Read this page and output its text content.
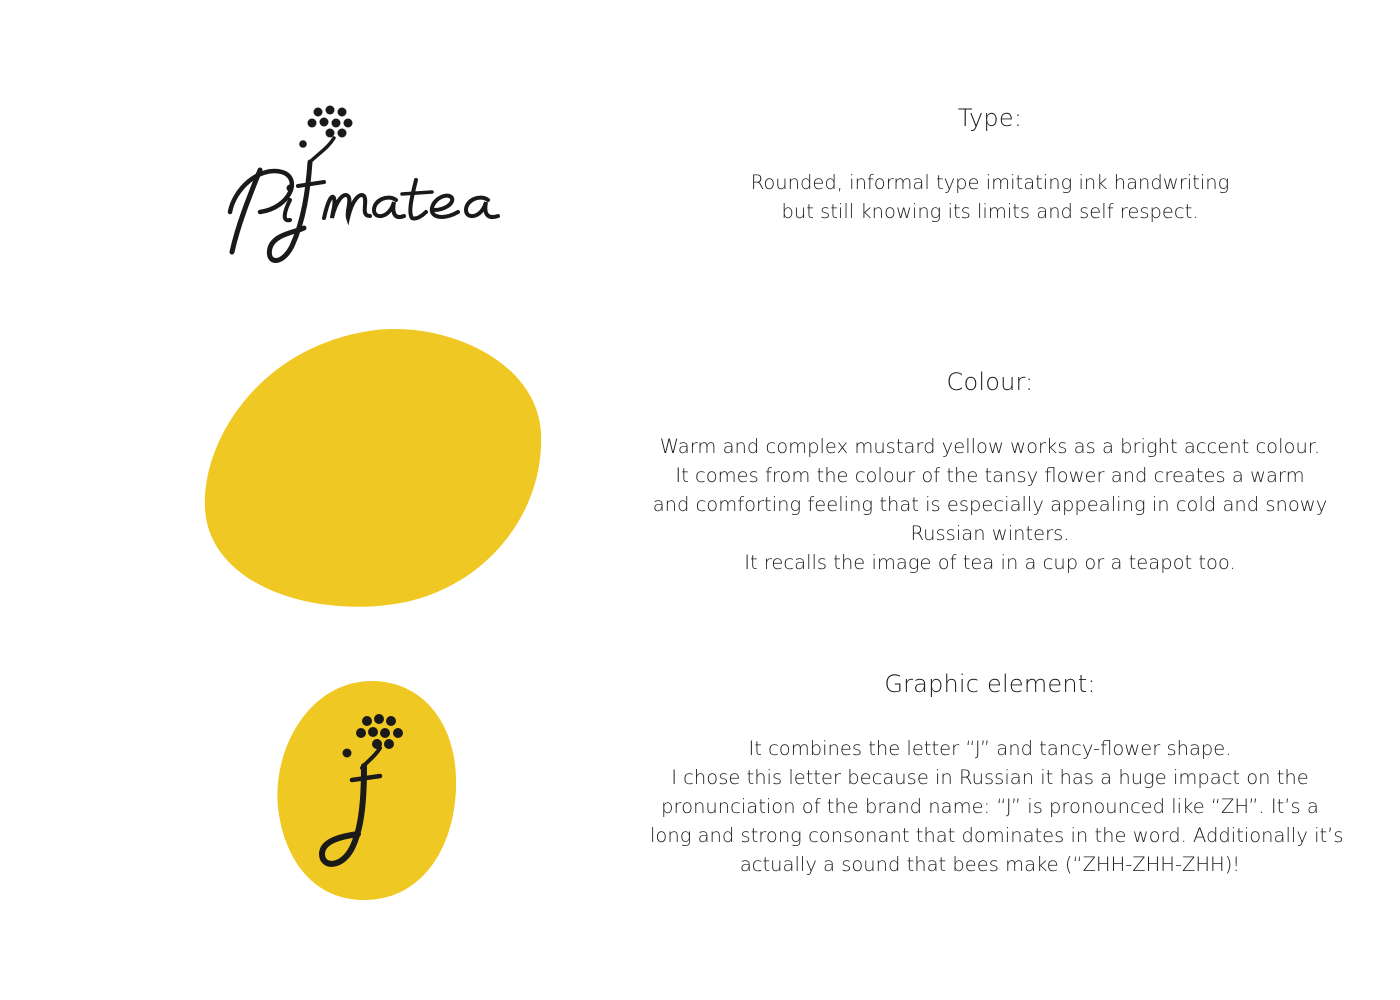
Type:
Rounded, informal type imitating ink handwriting
but still knowing its limits and self respect.
Colour:
Warm and complex mustard yellow works as a bright accent colour.
It comes from the colour of the tansy flower and creates a warm
and comforting feeling that is especially appealing in cold and snowy
Russian winters.
It recalls the image of tea in a cup or a teapot too.
Graphic element:
It combines the letter “J” and tancy-flower shape.
I chose this letter because in Russian it has a huge impact on the
pronunciation of the brand name: “J” is pronounced like “ZH”. It’s a
long and strong consonant that dominates in the word. Additionally it’s
actually a sound that bees make (“ZHH-ZHH-ZHH)!
